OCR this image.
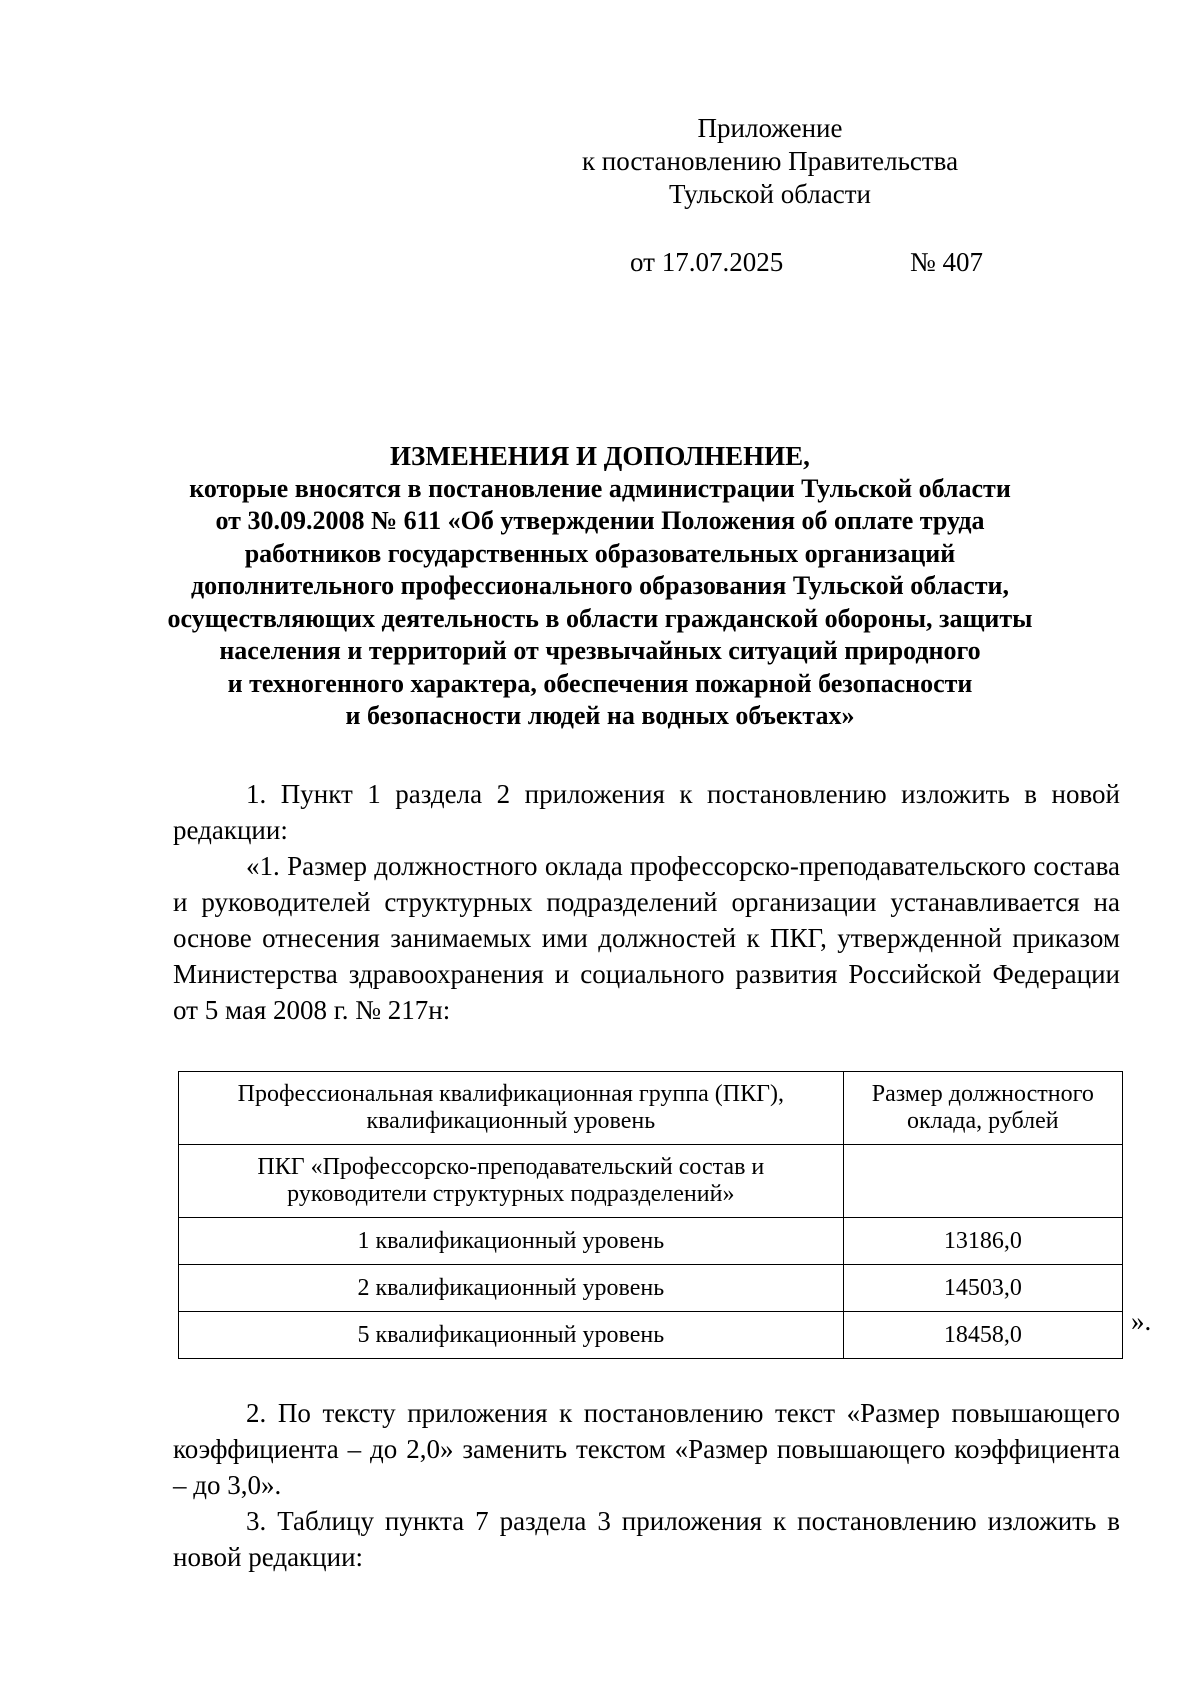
Приложение
к постановлению Правительства
Тульской области
от 17.07.2025	№ 407
ИЗМЕНЕНИЯ И ДОПОЛНЕНИЕ,
которые вносятся в постановление администрации Тульской области
от 30.09.2008 № 611 «Об утверждении Положения об оплате труда
работников государственных образовательных организаций
дополнительного профессионального образования Тульской области,
осуществляющих деятельность в области гражданской обороны, защиты
населения и территорий от чрезвычайных ситуаций природного
и техногенного характера, обеспечения пожарной безопасности
и безопасности людей на водных объектах»
1. Пункт 1 раздела 2 приложения к постановлению изложить в новой редакции:
«1. Размер должностного оклада профессорско-преподавательского состава и руководителей структурных подразделений организации устанавливается на основе отнесения занимаемых ими должностей к ПКГ, утвержденной приказом Министерства здравоохранения и социального развития Российской Федерации от 5 мая 2008 г. № 217н:
Профессиональная квалификационная группа (ПКГ), квалификационный уровень	Размер должностного оклада, рублей
ПКГ «Профессорско-преподавательский состав и руководители структурных подразделений»	
1 квалификационный уровень	13186,0
2 квалификационный уровень	14503,0
5 квалификационный уровень	18458,0	».
2. По тексту приложения к постановлению текст «Размер повышающего коэффициента – до 2,0» заменить текстом «Размер повышающего коэффициента – до 3,0».
3. Таблицу пункта 7 раздела 3 приложения к постановлению изложить в новой редакции:
